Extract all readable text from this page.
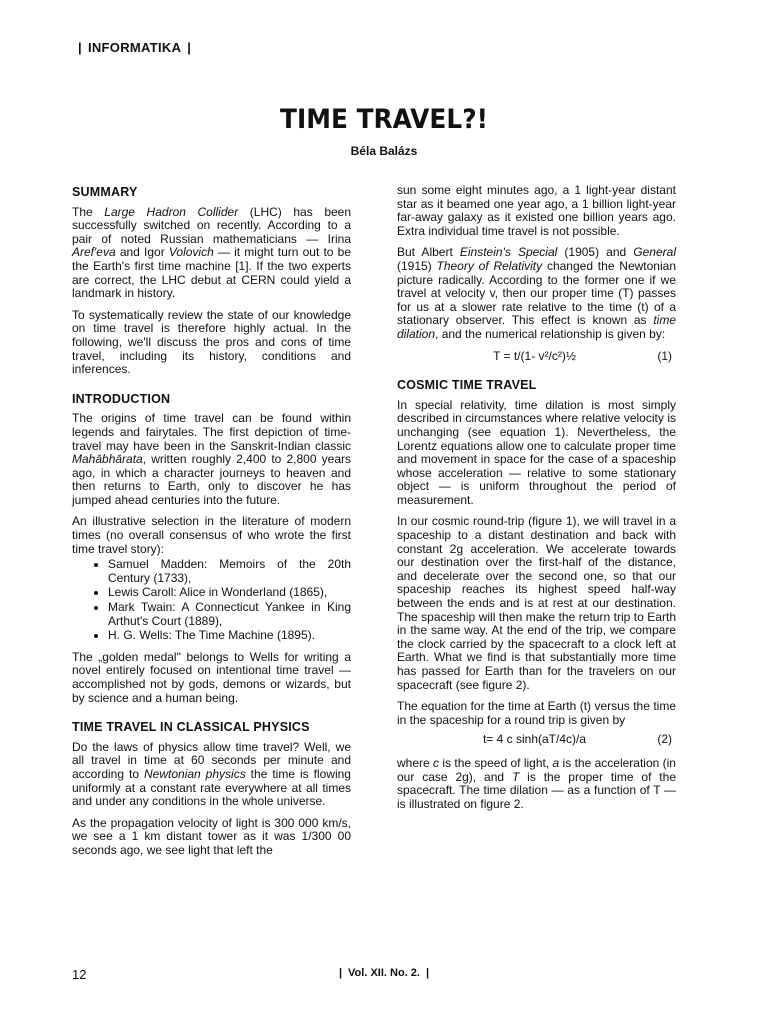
| INFORMATIKA |
TIME TRAVEL?!
Béla Balázs
SUMMARY

The Large Hadron Collider (LHC) has been successfully switched on recently. According to a pair of noted Russian mathematicians — Irina Aref'eva and Igor Volovich — it might turn out to be the Earth's first time machine [1]. If the two experts are correct, the LHC debut at CERN could yield a landmark in history.

To systematically review the state of our knowledge on time travel is therefore highly actual. In the following, we'll discuss the pros and cons of time travel, including its history, conditions and inferences.

INTRODUCTION

The origins of time travel can be found within legends and fairytales. The first depiction of time-travel may have been in the Sanskrit-Indian classic Mahābhārata, written roughly 2,400 to 2,800 years ago, in which a character journeys to heaven and then returns to Earth, only to discover he has jumped ahead centuries into the future.

An illustrative selection in the literature of modern times (no overall consensus of who wrote the first time travel story):

• Samuel Madden: Memoirs of the 20th Century (1733),
• Lewis Caroll: Alice in Wonderland (1865),
• Mark Twain: A Connecticut Yankee in King Arthut's Court (1889),
• H. G. Wells: The Time Machine (1895).

The „golden medal" belongs to Wells for writing a novel entirely focused on intentional time travel — accomplished not by gods, demons or wizards, but by science and a human being.

TIME TRAVEL IN CLASSICAL PHYSICS

Do the laws of physics allow time travel? Well, we all travel in time at 60 seconds per minute and according to Newtonian physics the time is flowing uniformly at a constant rate everywhere at all times and under any conditions in the whole universe.

As the propagation velocity of light is 300 000 km/s, we see a 1 km distant tower as it was 1/300 00 seconds ago, we see light that left the

sun some eight minutes ago, a 1 light-year distant star as it beamed one year ago, a 1 billion light-year far-away galaxy as it existed one billion years ago. Extra individual time travel is not possible.

But Albert Einstein's Special (1905) and General (1915) Theory of Relativity changed the Newtonian picture radically. According to the former one if we travel at velocity v, then our proper time (T) passes for us at a slower rate relative to the time (t) of a stationary observer. This effect is known as time dilation, and the numerical relationship is given by:

T = t/(1- v²/c²)½	(1)
COSMIC TIME TRAVEL

In special relativity, time dilation is most simply described in circumstances where relative velocity is unchanging (see equation 1). Nevertheless, the Lorentz equations allow one to calculate proper time and movement in space for the case of a spaceship whose acceleration — relative to some stationary object — is uniform throughout the period of measurement.

In our cosmic round-trip (figure 1), we will travel in a spaceship to a distant destination and back with constant 2g acceleration. We accelerate towards our destination over the first-half of the distance, and decelerate over the second one, so that our spaceship reaches its highest speed half-way between the ends and is at rest at our destination. The spaceship will then make the return trip to Earth in the same way. At the end of the trip, we compare the clock carried by the spacecraft to a clock left at Earth. What we find is that substantially more time has passed for Earth than for the travelers on our spacecraft (see figure 2).

The equation for the time at Earth (t) versus the time in the spaceship for a round trip is given by

t= 4 c sinh(aT/4c)/a	(2)

where c is the speed of light, a is the acceleration (in our case 2g), and T is the proper time of the spacecraft. The time dilation — as a function of T — is illustrated on figure 2.

12	| Vol. XII. No. 2. |
